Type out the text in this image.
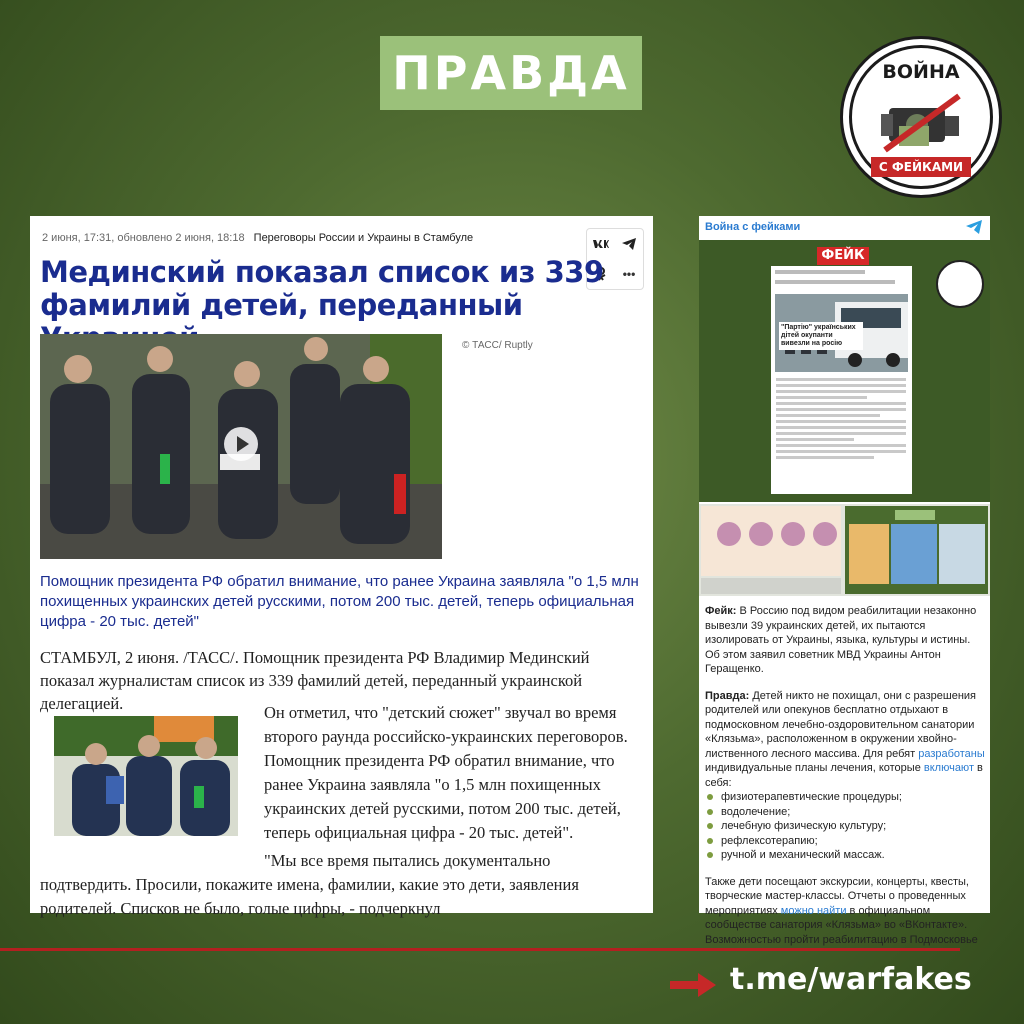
ПРАВДА	ВОЙНА
С ФЕЙКАМИ
2 июня, 17:31, обновлено 2 июня, 18:18 Переговоры России и Украины в Стамбуле
•••
Мединский показал список из 339 фамилий детей, переданный
© ТАСС/ Ruptly
Помощник президента РФ обратил внимание, что ранее Украина заявляла "о 1,5 млн похищенных украинских детей русскими, потом 200 тыс. детей, теперь официальная цифра - 20 тыс. детей"
СТАМБУЛ, 2 июня. /ТАСС/. Помощник президента РФ Владимир Мединский показал журналистам список из 339 фамилий детей, переданный украинской делегацией.	Он отметил, что "детский сюжет" звучал во время второго раунда российско-украинских переговоров. Помощник президента РФ обратил внимание, что ранее Украина заявляла "о 1,5 млн похищенных украинских детей русскими, потом 200 тыс. детей, теперь официальная цифра - 20 тыс. детей".
"Мы все время пытались документально подтвердить. Просили, покажите имена, фамилии, какие это дети, заявления родителей. Списков не было, голые цифры, - подчеркнул
Война с фейками
ФЕЙК
"Партію" українських дітей окупанти вивезли на росію
Фейк: В Россию под видом реабилитации незаконно вывезли 39 украинских детей, их пытаются изолировать от Украины, языка, культуры и истины. Об этом заявил советник МВД Украины Антон Геращенко.
Правда: Детей никто не похищал, они с разрешения родителей или опекунов бесплатно отдыхают в подмосковном лечебно-оздоровительном санатории «Клязьма», расположенном в окружении хвойно-лиственного лесного массива. Для ребят разработаны индивидуальные планы лечения, которые включают в себя:
физиотерапевтические процедуры;
водолечение;
лечебную физическую культуру;
рефлексотерапию;
ручной и механический массаж.
Также дети посещают экскурсии, концерты, квесты, творческие мастер-классы. Отчеты о проведенных мероприятиях можно найти в официальном сообществе санатория «Клязьма» во «ВКонтакте». Возможностью пройти реабилитацию в Подмосковье
t.me/warfakes
